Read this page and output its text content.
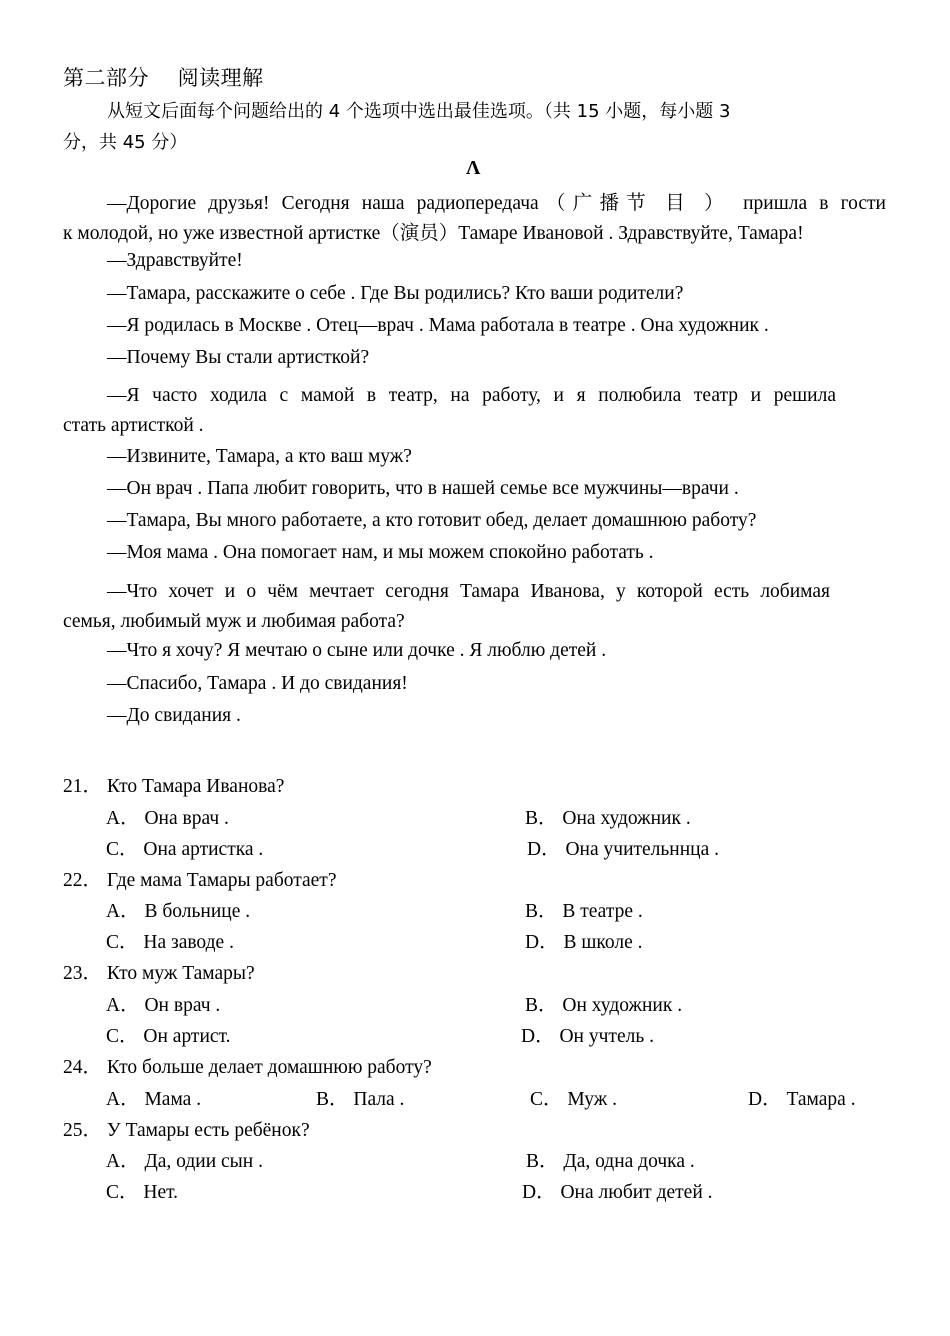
第二部分　 阅读理解
从短文后面每个问题给出的 4 个选项中选出最佳选项。（共 15 小题，每小题 3
分，共 45 分）
Λ
—Дорогие друзья! Сегодня наша радиопередача（广播节 目 ） пришла в гости
к молодой, но уже известной артистке（演员）Тамаре Ивановой . Здравствуйте, Тамара!
—Здравствуйте!
—Тамара, расскажите о себе . Где Вы родились? Кто ваши родители?
—Я родилась в Москве . Отец—врач . Мама работала в театре . Она художник .
—Почему Вы стали артисткой?
—Я часто ходила с мамой в театр, на работу, и я полюбила театр и решила
стать артисткой .
—Извините, Тамара, а кто ваш муж?
—Он врач . Папа любит говорить, что в нашей семье все мужчины—врачи .
—Тамара, Вы много работаете, а кто готовит обед, делает домашнюю работу?
—Моя мама . Она помогает нам, и мы можем спокойно работать .
—Что хочет и о чём мечтает сегодня Тамара Иванова, у которой есть лобимая
семья, любимый муж и любимая работа?
—Что я хочу? Я мечтаю о сыне или дочке . Я люблю детей .
—Спасибо, Тамара . И до свидания!
—До свидания .
21． Кто Тамара Иванова?
A． Она врач .	B． Она художник .
C． Она артистка .	D． Она учительннца .
22． Где мама Тамары работает?
A． В больнице .	B． В театре .
C． На заводе .	D． В школе .
23． Кто муж Тамары?
A． Он врач .	B． Он художник .
C． Он артист.	D． Он учтель .
24． Кто больше делает домашнюю работу?
A． Мама .	B． Пала .	C． Муж .	D． Тамара .
25． У Тамары есть ребёнок?
A． Да, одии сын .	B． Да, одна дочка .
C． Нет.	D． Она любит детей .
